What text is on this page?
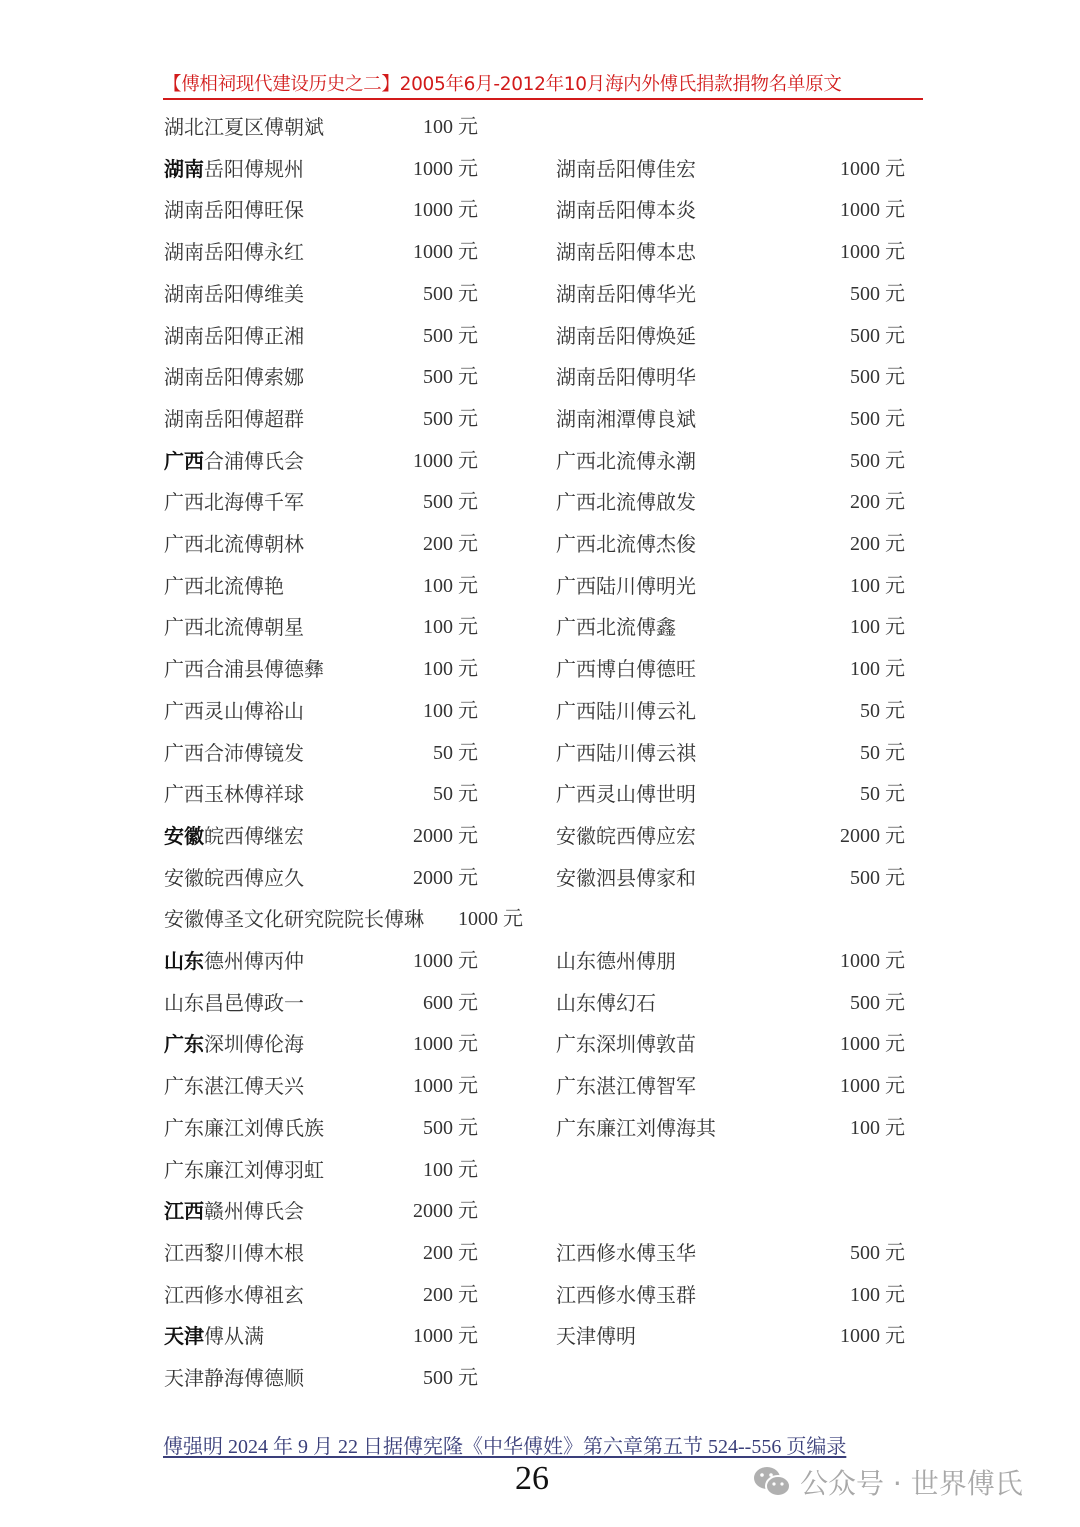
【傅相祠现代建设历史之二】2005年6月-2012年10月海内外傅氏捐款捐物名单原文
湖北江夏区傅朝斌	100 元
湖南岳阳傅规州	1000 元	湖南岳阳傅佳宏	1000 元
湖南岳阳傅旺保	1000 元	湖南岳阳傅本炎	1000 元
湖南岳阳傅永红	1000 元	湖南岳阳傅本忠	1000 元
湖南岳阳傅维美	500 元	湖南岳阳傅华光	500 元
湖南岳阳傅正湘	500 元	湖南岳阳傅焕延	500 元
湖南岳阳傅索娜	500 元	湖南岳阳傅明华	500 元
湖南岳阳傅超群	500 元	湖南湘潭傅良斌	500 元
广西合浦傅氏会	1000 元	广西北流傅永潮	500 元
广西北海傅千军	500 元	广西北流傅啟发	200 元
广西北流傅朝林	200 元	广西北流傅杰俊	200 元
广西北流傅艳	100 元	广西陆川傅明光	100 元
广西北流傅朝星	100 元	广西北流傅鑫	100 元
广西合浦县傅德彝	100 元	广西博白傅德旺	100 元
广西灵山傅裕山	100 元	广西陆川傅云礼	50 元
广西合沛傅镜发	50 元	广西陆川傅云祺	50 元
广西玉林傅祥球	50 元	广西灵山傅世明	50 元
安徽皖西傅继宏	2000 元	安徽皖西傅应宏	2000 元
安徽皖西傅应久	2000 元	安徽泗县傅家和	500 元
安徽傅圣文化研究院院长傅琳 1000 元
山东德州傅丙仲	1000 元	山东德州傅朋	1000 元
山东昌邑傅政一	600 元	山东傅幻石	500 元
广东深圳傅伦海	1000 元	广东深圳傅敦苗	1000 元
广东湛江傅天兴	1000 元	广东湛江傅智军	1000 元
广东廉江刘傅氏族	500 元	广东廉江刘傅海其	100 元
广东廉江刘傅羽虹	100 元
江西赣州傅氏会	2000 元
江西黎川傅木根	200 元	江西修水傅玉华	500 元
江西修水傅祖玄	200 元	江西修水傅玉群	100 元
天津傅从满	1000 元	天津傅明	1000 元
天津静海傅德顺	500 元
傅强明 2024 年 9 月 22 日据傅宪隆《中华傅姓》第六章第五节 524--556 页编录
26	公众号 · 世界傅氏
